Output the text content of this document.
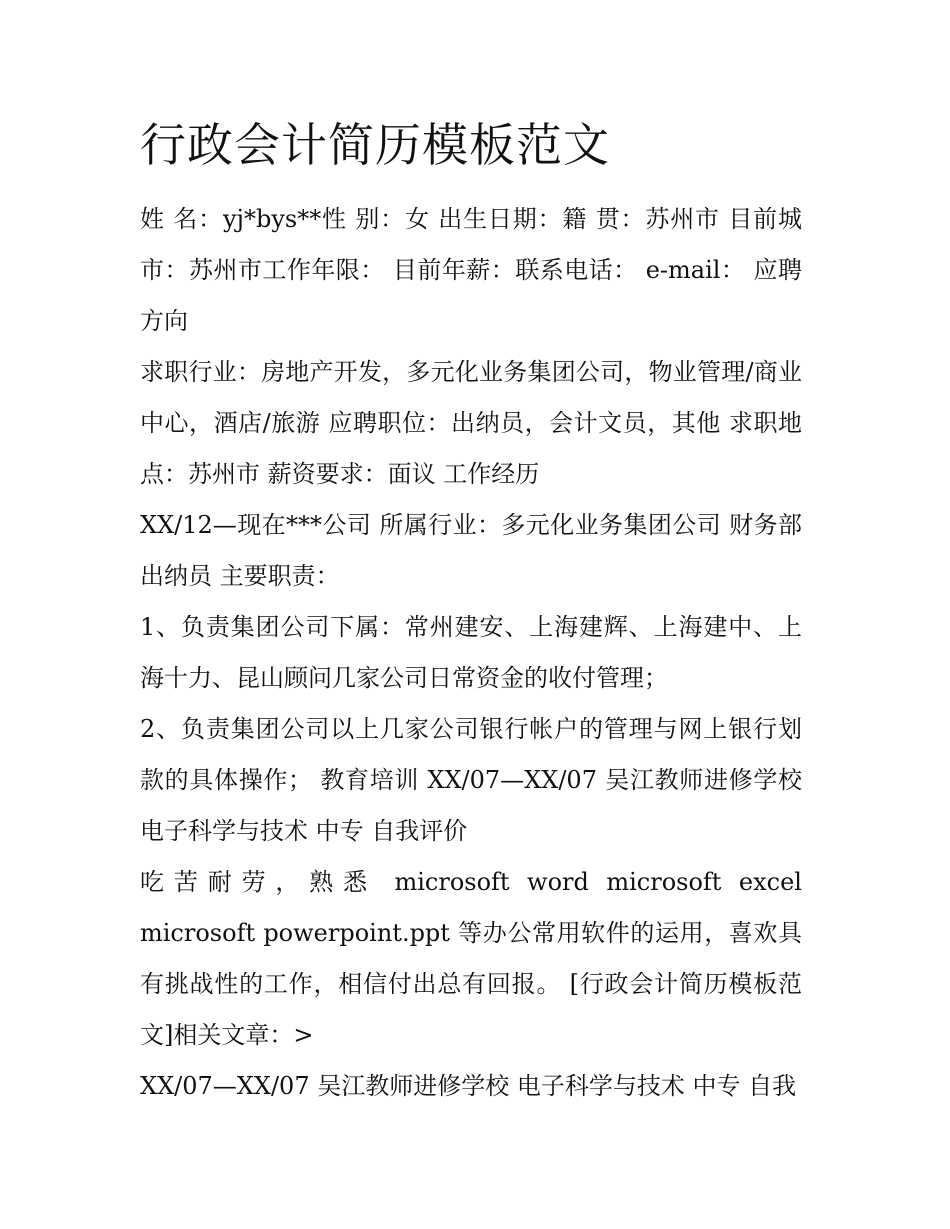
行政会计简历模板范文

姓 名：yj*bys**性 别：女 出生日期：籍 贯：苏州市 目前城市：苏州市工作年限： 目前年薪：联系电话： e-mail： 应聘方向

求职行业：房地产开发，多元化业务集团公司，物业管理/商业中心，酒店/旅游 应聘职位：出纳员，会计文员，其他 求职地点：苏州市 薪资要求：面议 工作经历

XX/12—现在***公司 所属行业：多元化业务集团公司 财务部 出纳员 主要职责：

1、负责集团公司下属：常州建安、上海建辉、上海建中、上海十力、昆山顾问几家公司日常资金的收付管理；

2、负责集团公司以上几家公司银行帐户的管理与网上银行划款的具体操作； 教育培训 XX/07—XX/07 吴江教师进修学校 电子科学与技术 中专 自我评价

吃苦耐劳，熟悉 microsoft word microsoft excel microsoft powerpoint.ppt 等办公常用软件的运用，喜欢具有挑战性的工作，相信付出总有回报。 [行政会计简历模板范文]相关文章：>

XX/07—XX/07 吴江教师进修学校 电子科学与技术 中专 自我
